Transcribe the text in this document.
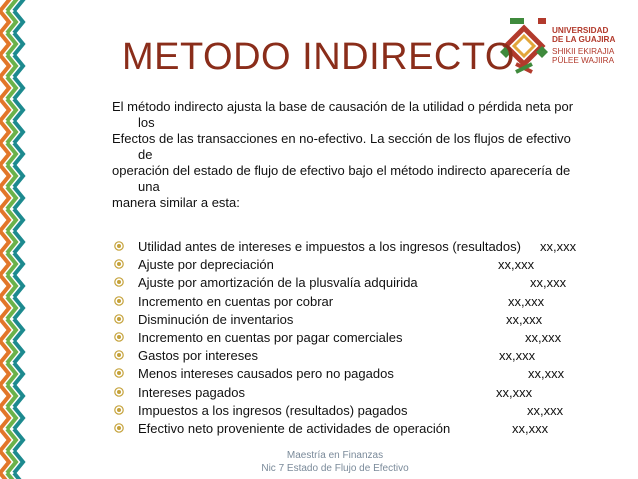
UNIVERSIDAD
DE LA GUAJIRA
SHIKII EKIRAJIA
PÜLEE WAJIIRA
METODO INDIRECTO
El método indirecto ajusta la base de causación de la utilidad o pérdida neta por
los
Efectos de las transacciones en no-efectivo. La sección de los flujos de efectivo
de
operación del estado de flujo de efectivo bajo el método indirecto aparecería de
una
manera similar a esta:
Utilidad antes de intereses e impuestos a los ingresos (resultados) xx,xxx
Ajuste por depreciación	xx,xxx
Ajuste por amortización de la plusvalía adquirida	xx,xxx
Incremento en cuentas por cobrar	xx,xxx
Disminución de inventarios	xx,xxx
Incremento en cuentas por pagar comerciales	xx,xxx
Gastos por intereses	xx,xxx
Menos intereses causados pero no pagados	xx,xxx
Intereses pagados	xx,xxx
Impuestos a los ingresos (resultados) pagados	xx,xxx
Efectivo neto proveniente de actividades de operación	xx,xxx
Maestría en Finanzas
Nic 7 Estado de Flujo de Efectivo
